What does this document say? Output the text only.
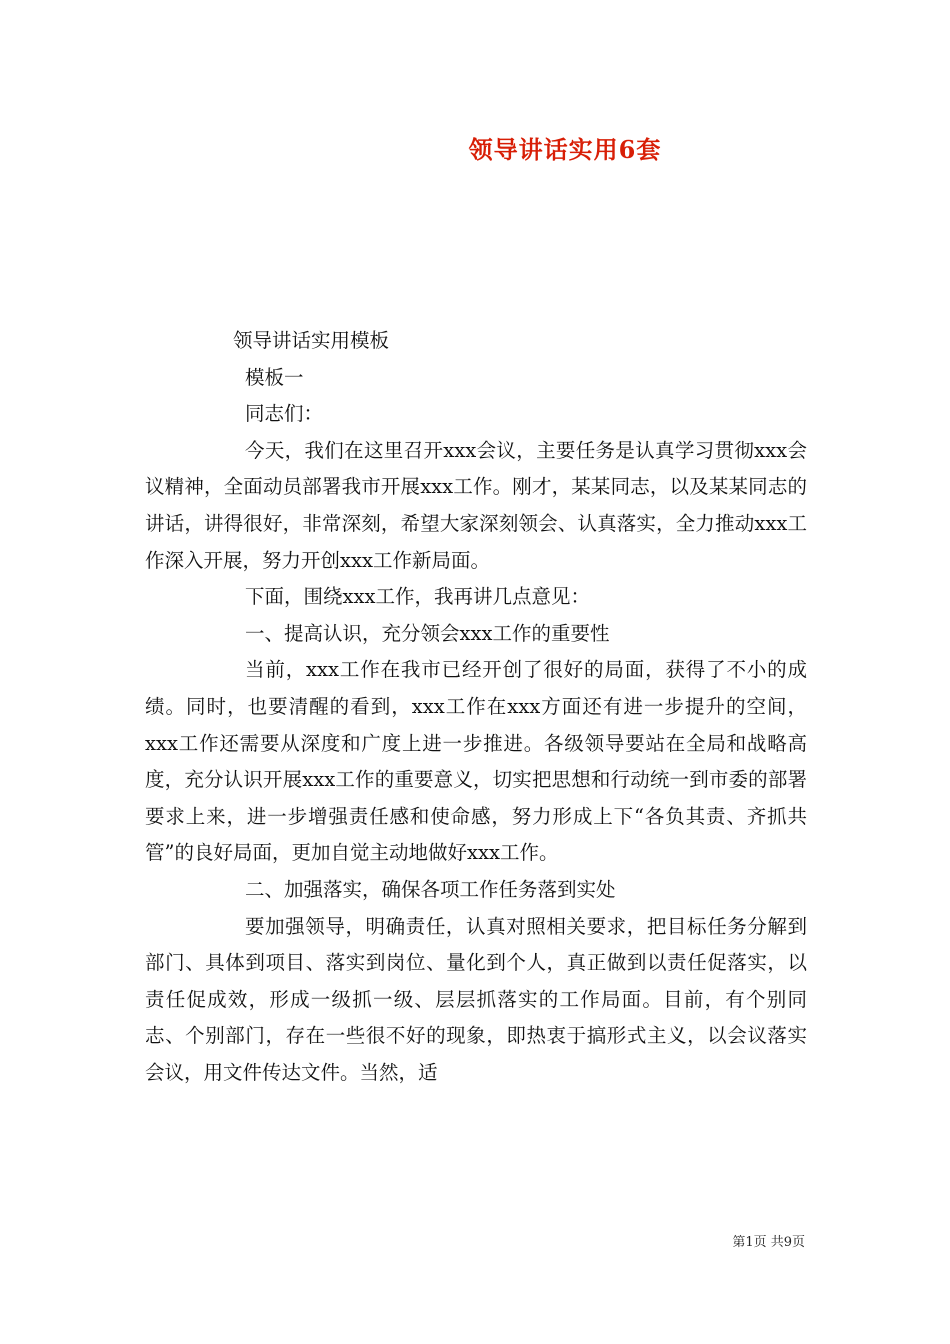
领导讲话实用6套

领导讲话实用模板

模板一

同志们：

今天，我们在这里召开xxx会议，主要任务是认真学习贯彻xxx会议精神，全面动员部署我市开展xxx工作。刚才，某某同志，以及某某同志的讲话，讲得很好，非常深刻，希望大家深刻领会、认真落实，全力推动xxx工作深入开展，努力开创xxx工作新局面。

下面，围绕xxx工作，我再讲几点意见：

一、提高认识，充分领会xxx工作的重要性

当前，xxx工作在我市已经开创了很好的局面，获得了不小的成绩。同时，也要清醒的看到，xxx工作在xxx方面还有进一步提升的空间，xxx工作还需要从深度和广度上进一步推进。各级领导要站在全局和战略高度，充分认识开展xxx工作的重要意义，切实把思想和行动统一到市委的部署要求上来，进一步增强责任感和使命感，努力形成上下“各负其责、齐抓共管”的良好局面，更加自觉主动地做好xxx工作。

二、加强落实，确保各项工作任务落到实处

要加强领导，明确责任，认真对照相关要求，把目标任务分解到部门、具体到项目、落实到岗位、量化到个人，真正做到以责任促落实，以责任促成效，形成一级抓一级、层层抓落实的工作局面。目前，有个别同志、个别部门，存在一些很不好的现象，即热衷于搞形式主义，以会议落实会议，用文件传达文件。当然，适

第1页 共9页
